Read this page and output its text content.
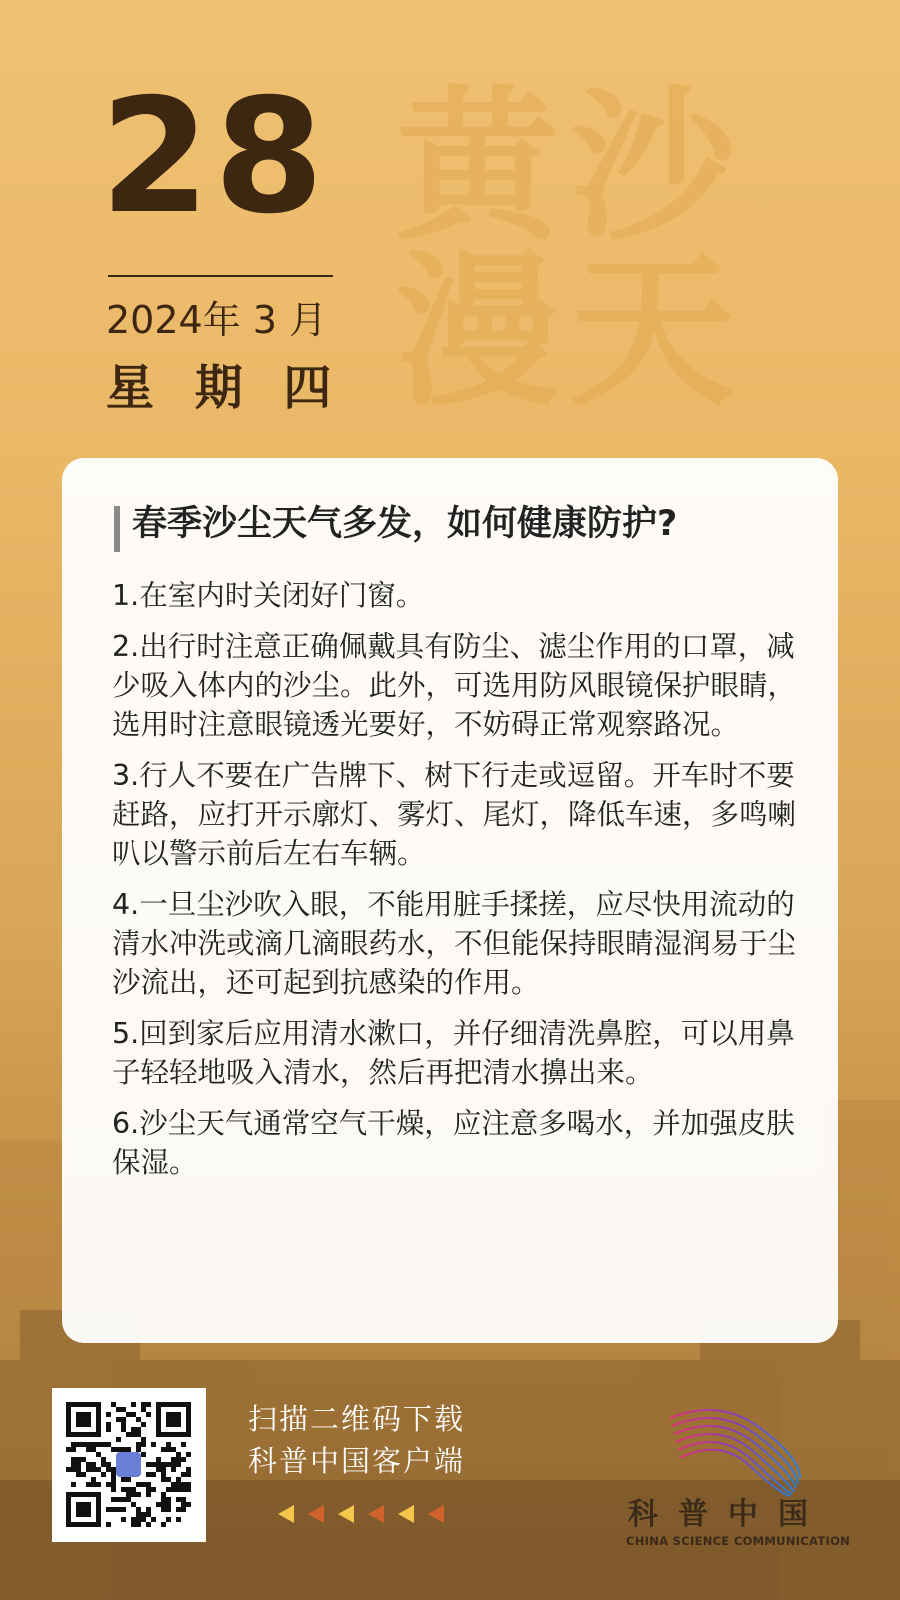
黄沙
漫天
28
2024年 3 月
星 期 四
春季沙尘天气多发，如何健康防护?
1.在室内时关闭好门窗。
2.出行时注意正确佩戴具有防尘、滤尘作用的口罩，减少吸入体内的沙尘。此外，可选用防风眼镜保护眼睛，选用时注意眼镜透光要好，不妨碍正常观察路况。
3.行人不要在广告牌下、树下行走或逗留。开车时不要赶路，应打开示廓灯、雾灯、尾灯，降低车速，多鸣喇叭以警示前后左右车辆。
4.一旦尘沙吹入眼，不能用脏手揉搓，应尽快用流动的清水冲洗或滴几滴眼药水，不但能保持眼睛湿润易于尘沙流出，还可起到抗感染的作用。
5.回到家后应用清水漱口，并仔细清洗鼻腔，可以用鼻子轻轻地吸入清水，然后再把清水擤出来。
6.沙尘天气通常空气干燥，应注意多喝水，并加强皮肤保湿。
扫描二维码下载
科普中国客户端
科普中国
CHINA SCIENCE COMMUNICATION
